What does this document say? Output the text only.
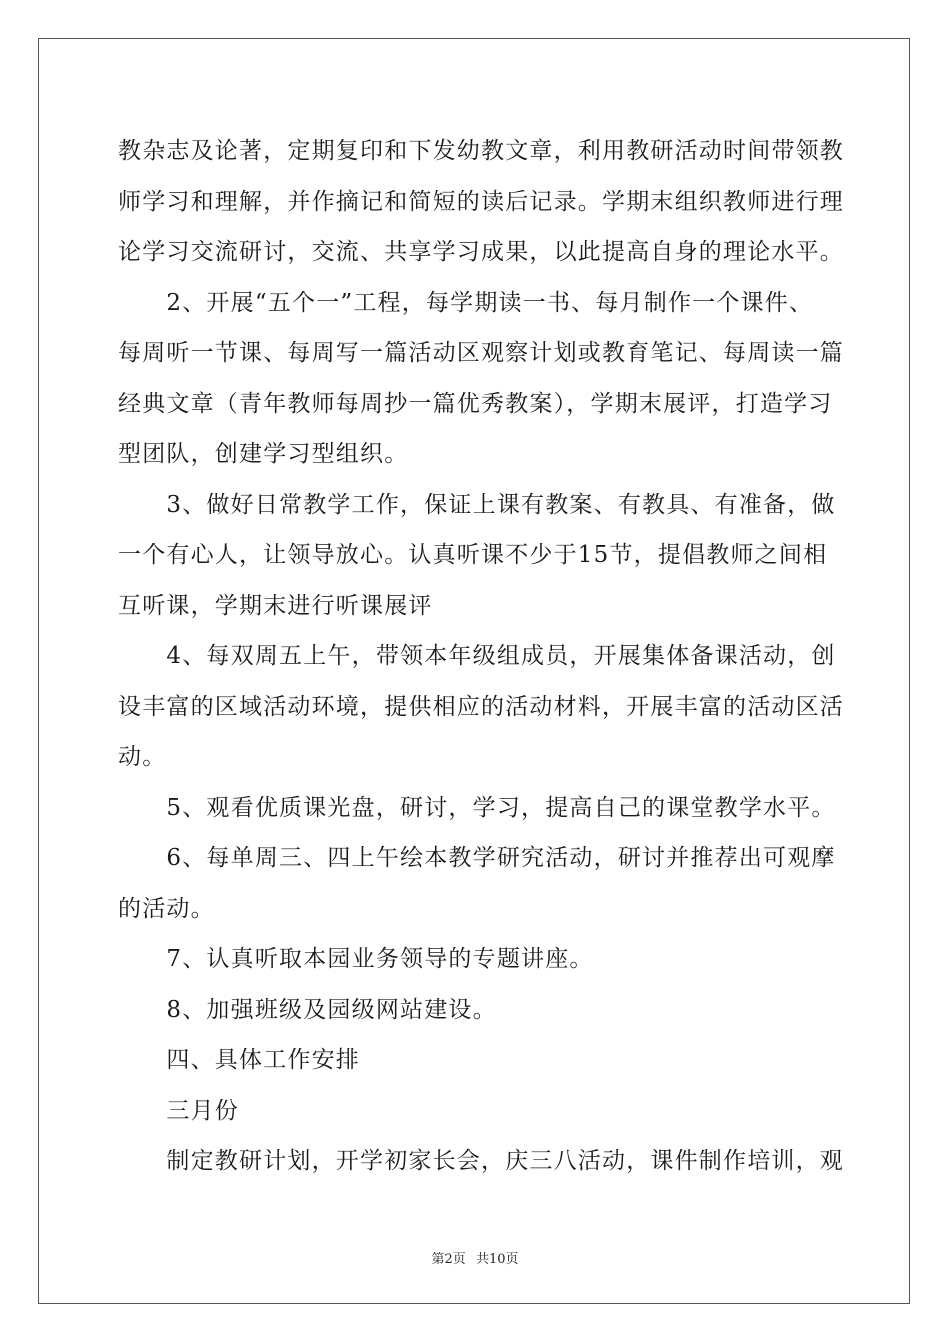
教杂志及论著，定期复印和下发幼教文章，利用教研活动时间带领教
师学习和理解，并作摘记和简短的读后记录。学期末组织教师进行理
论学习交流研讨，交流、共享学习成果，以此提高自身的理论水平。
　　2、开展“五个一”工程，每学期读一书、每月制作一个课件、
每周听一节课、每周写一篇活动区观察计划或教育笔记、每周读一篇
经典文章（青年教师每周抄一篇优秀教案），学期末展评，打造学习
型团队，创建学习型组织。
　　3、做好日常教学工作，保证上课有教案、有教具、有准备，做
一个有心人，让领导放心。认真听课不少于15节，提倡教师之间相
互听课，学期末进行听课展评
　　4、每双周五上午，带领本年级组成员，开展集体备课活动，创
设丰富的区域活动环境，提供相应的活动材料，开展丰富的活动区活
动。
　　5、观看优质课光盘，研讨，学习，提高自己的课堂教学水平。
　　6、每单周三、四上午绘本教学研究活动，研讨并推荐出可观摩
的活动。
　　7、认真听取本园业务领导的专题讲座。
　　8、加强班级及园级网站建设。
　　四、具体工作安排
　　三月份
　　制定教研计划，开学初家长会，庆三八活动，课件制作培训，观
第2页 共10页
